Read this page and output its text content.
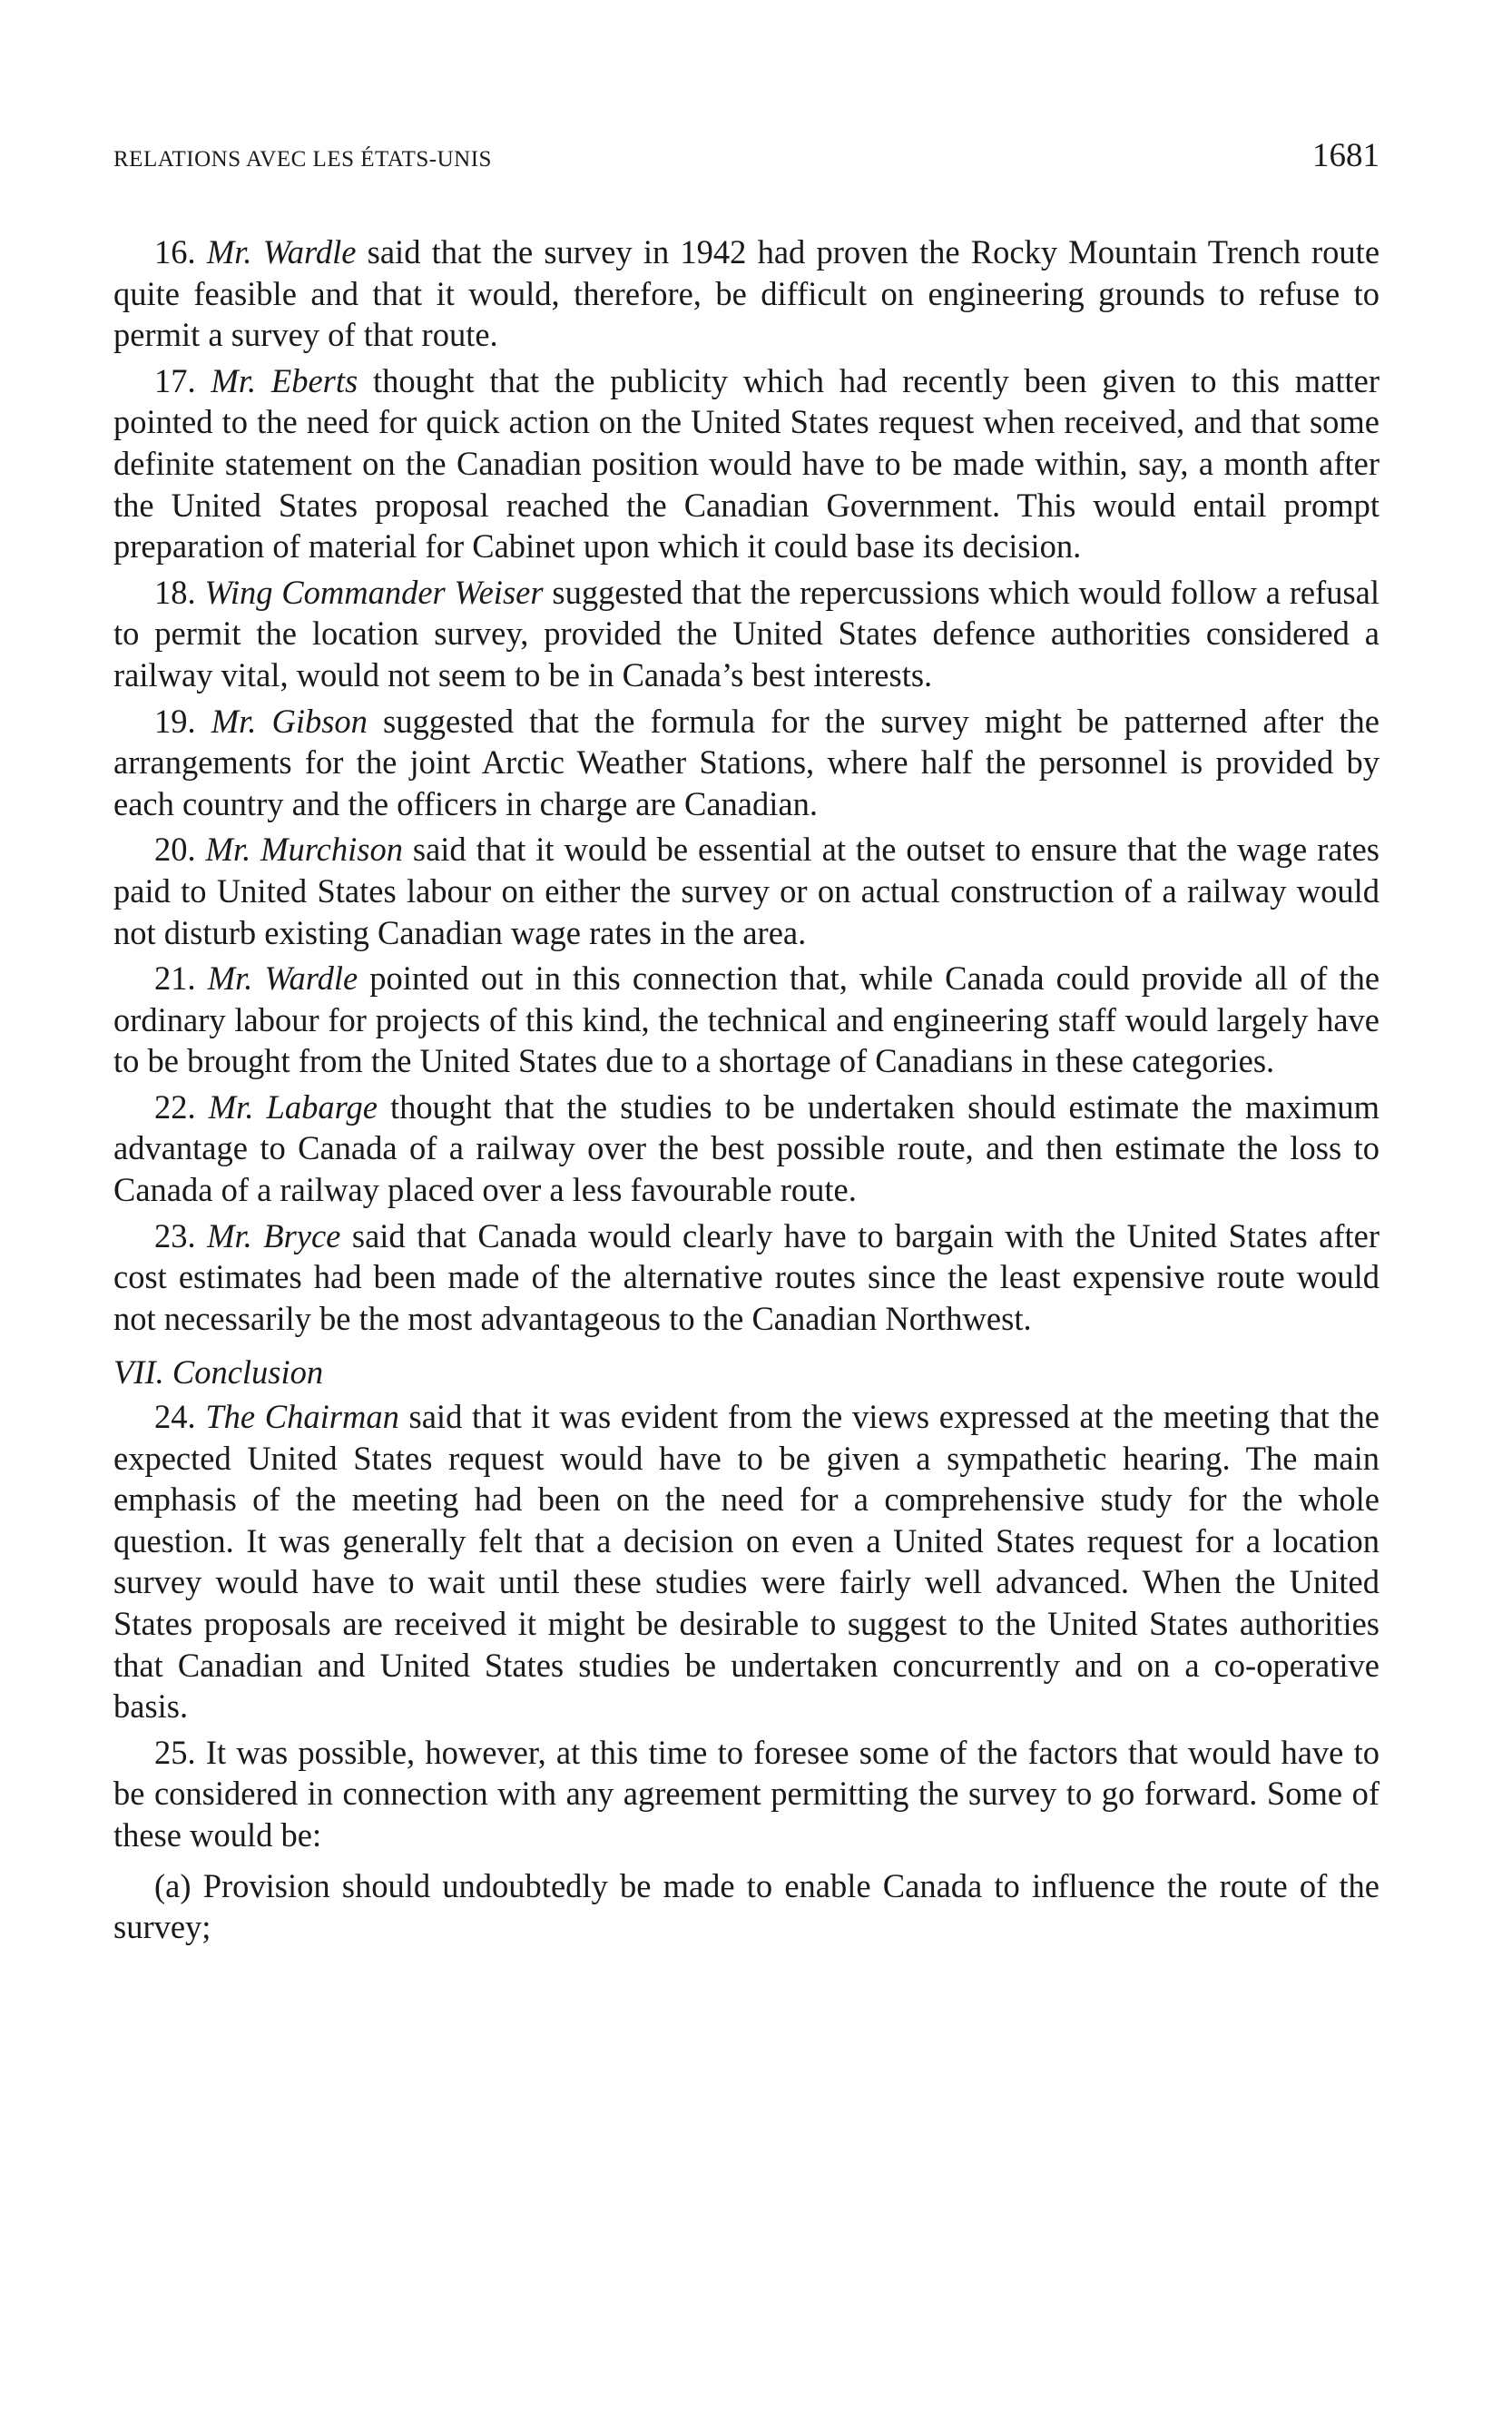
RELATIONS AVEC LES ÉTATS-UNIS	1681

16. Mr. Wardle said that the survey in 1942 had proven the Rocky Mountain Trench route quite feasible and that it would, therefore, be difficult on engineering grounds to refuse to permit a survey of that route.

17. Mr. Eberts thought that the publicity which had recently been given to this matter pointed to the need for quick action on the United States request when received, and that some definite statement on the Canadian position would have to be made within, say, a month after the United States proposal reached the Canadian Government. This would entail prompt preparation of material for Cabinet upon which it could base its decision.

18. Wing Commander Weiser suggested that the repercussions which would follow a refusal to permit the location survey, provided the United States defence authorities considered a railway vital, would not seem to be in Canada’s best interests.

19. Mr. Gibson suggested that the formula for the survey might be patterned after the arrangements for the joint Arctic Weather Stations, where half the personnel is provided by each country and the officers in charge are Canadian.

20. Mr. Murchison said that it would be essential at the outset to ensure that the wage rates paid to United States labour on either the survey or on actual construction of a railway would not disturb existing Canadian wage rates in the area.

21. Mr. Wardle pointed out in this connection that, while Canada could provide all of the ordinary labour for projects of this kind, the technical and engineering staff would largely have to be brought from the United States due to a shortage of Canadians in these categories.

22. Mr. Labarge thought that the studies to be undertaken should estimate the maximum advantage to Canada of a railway over the best possible route, and then estimate the loss to Canada of a railway placed over a less favourable route.

23. Mr. Bryce said that Canada would clearly have to bargain with the United States after cost estimates had been made of the alternative routes since the least expensive route would not necessarily be the most advantageous to the Canadian Northwest.

VII. Conclusion

24. The Chairman said that it was evident from the views expressed at the meeting that the expected United States request would have to be given a sympathetic hearing. The main emphasis of the meeting had been on the need for a comprehensive study for the whole question. It was generally felt that a decision on even a United States request for a location survey would have to wait until these studies were fairly well advanced. When the United States proposals are received it might be desirable to suggest to the United States authorities that Canadian and United States studies be undertaken concurrently and on a co-operative basis.

25. It was possible, however, at this time to foresee some of the factors that would have to be considered in connection with any agreement permitting the survey to go forward. Some of these would be:

(a) Provision should undoubtedly be made to enable Canada to influence the route of the survey;
